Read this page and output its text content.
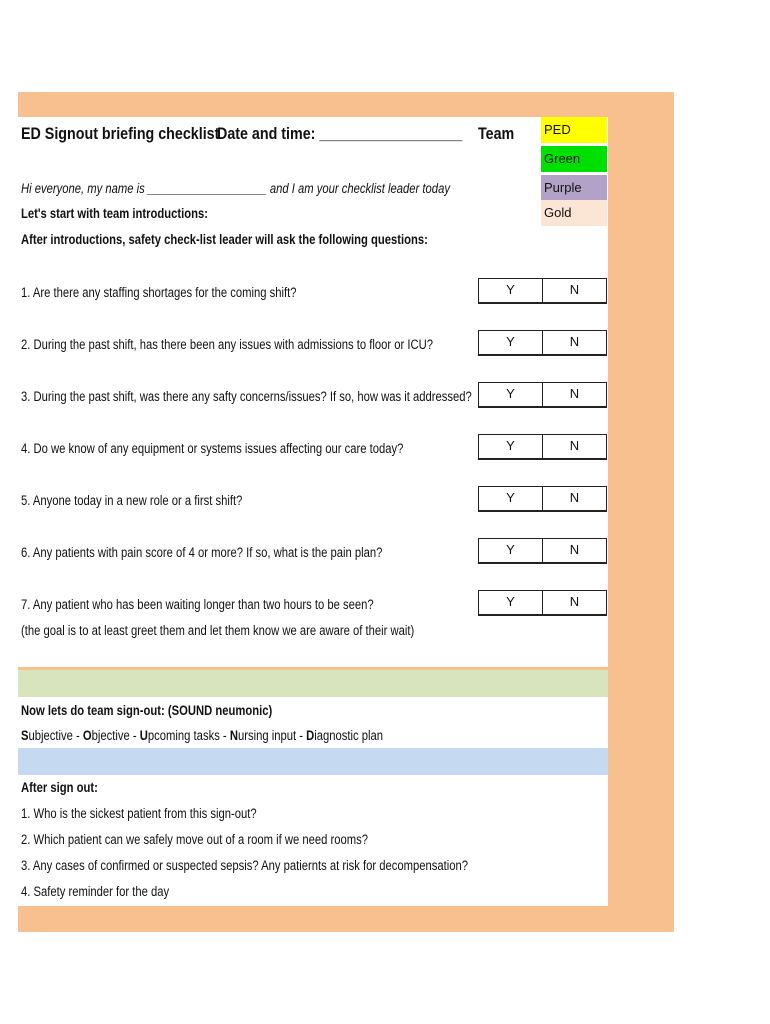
ED Signout briefing checklist
Date and time: __________________ Team PED
Green
Purple
Gold
Hi everyone, my name is ___________________ and I am your checklist leader today
Let's start with team introductions:
After introductions, safety check-list leader will ask the following questions:
1. Are there any staffing shortages for the coming shift?	Y	N
2. During the past shift, has there been any issues with admissions to floor or ICU?	Y	N
3. During the past shift, was there any safty concerns/issues? If so, how was it addressed?	Y	N
4. Do we know of any equipment or systems issues affecting our care today?	Y	N
5. Anyone today in a new role or a first shift?	Y	N
6. Any patients with pain score of 4 or more? If so, what is the pain plan?	Y	N
7. Any patient who has been waiting longer than two hours to be seen?	Y	N
(the goal is to at least greet them and let them know we are aware of their wait)
Now lets do team sign-out: (SOUND neumonic)
Subjective - Objective - Upcoming tasks - Nursing input - Diagnostic plan
After sign out:
1. Who is the sickest patient from this sign-out?
2. Which patient can we safely move out of a room if we need rooms?
3. Any cases of confirmed or suspected sepsis? Any patiernts at risk for decompensation?
4. Safety reminder for the day
